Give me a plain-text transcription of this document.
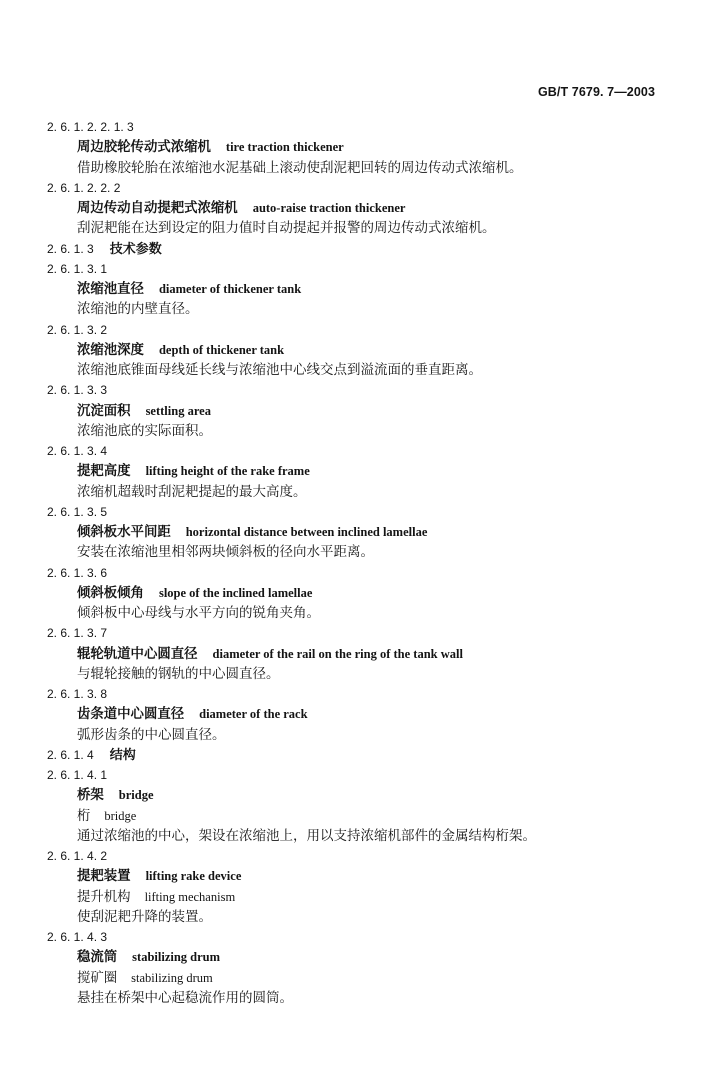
GB/T 7679. 7—2003
2. 6. 1. 2. 2. 1. 3
周边胶轮传动式浓缩机 tire traction thickener
借助橡胶轮胎在浓缩池水泥基础上滚动使刮泥耙回转的周边传动式浓缩机。
2. 6. 1. 2. 2. 2
周边传动自动提耙式浓缩机 auto-raise traction thickener
刮泥耙能在达到设定的阻力值时自动提起并报警的周边传动式浓缩机。
2. 6. 1. 3 技术参数
2. 6. 1. 3. 1
浓缩池直径 diameter of thickener tank
浓缩池的内壁直径。
2. 6. 1. 3. 2
浓缩池深度 depth of thickener tank
浓缩池底锥面母线延长线与浓缩池中心线交点到溢流面的垂直距离。
2. 6. 1. 3. 3
沉淀面积 settling area
浓缩池底的实际面积。
2. 6. 1. 3. 4
提耙高度 lifting height of the rake frame
浓缩机超载时刮泥耙提起的最大高度。
2. 6. 1. 3. 5
倾斜板水平间距 horizontal distance between inclined lamellae
安装在浓缩池里相邻两块倾斜板的径向水平距离。
2. 6. 1. 3. 6
倾斜板倾角 slope of the inclined lamellae
倾斜板中心母线与水平方向的锐角夹角。
2. 6. 1. 3. 7
辊轮轨道中心圆直径 diameter of the rail on the ring of the tank wall
与辊轮接触的钢轨的中心圆直径。
2. 6. 1. 3. 8
齿条道中心圆直径 diameter of the rack
弧形齿条的中心圆直径。
2. 6. 1. 4 结构
2. 6. 1. 4. 1
桥架 bridge
桁 bridge
通过浓缩池的中心，架设在浓缩池上，用以支持浓缩机部件的金属结构桁架。
2. 6. 1. 4. 2
提耙装置 lifting rake device
提升机构 lifting mechanism
使刮泥耙升降的装置。
2. 6. 1. 4. 3
稳流筒 stabilizing drum
搅矿圈 stabilizing drum
悬挂在桥架中心起稳流作用的圆筒。
